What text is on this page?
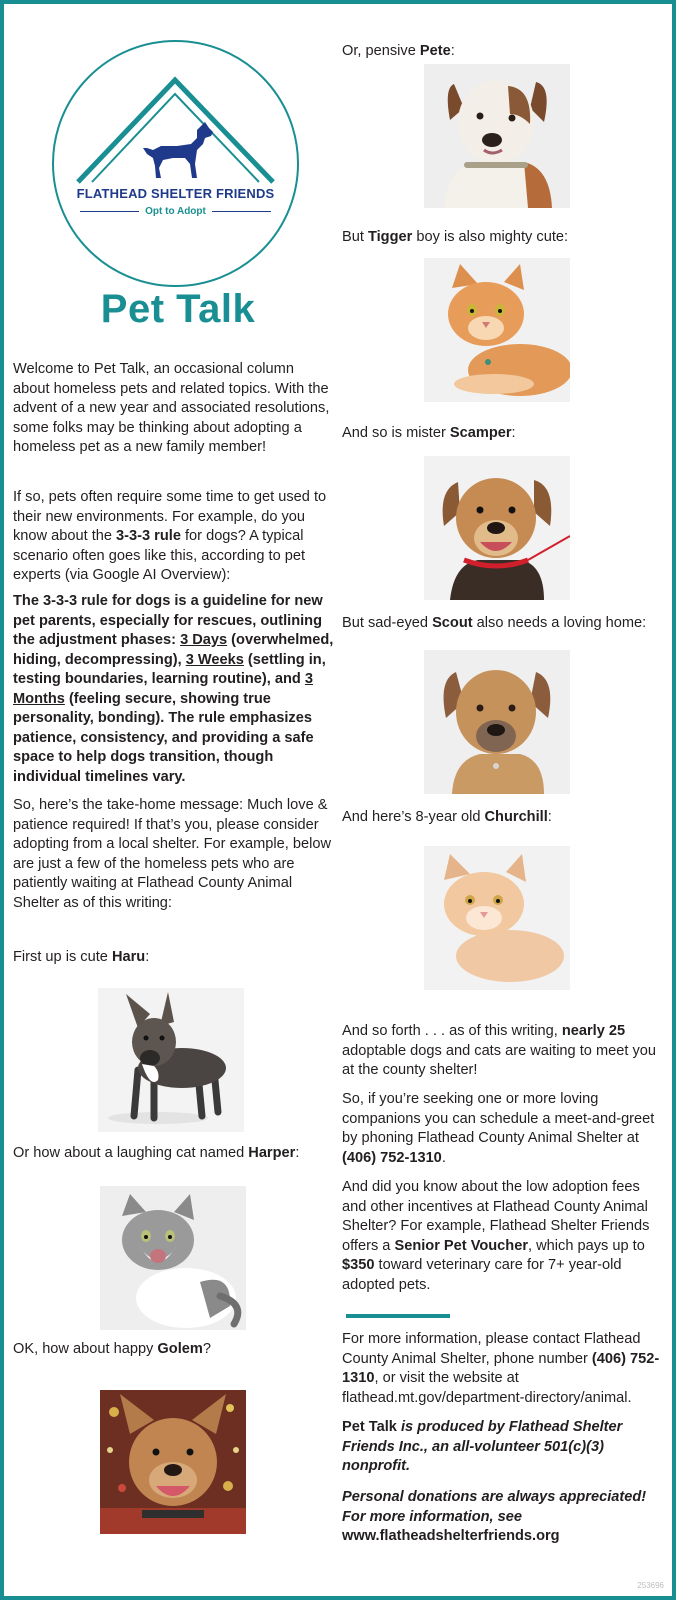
FLATHEAD SHELTER FRIENDS
Opt to Adopt
Pet Talk

Welcome to Pet Talk, an occasional column about homeless pets and related topics. With the advent of a new year and associated resolutions, some folks may be thinking about adopting a homeless pet as a new family member!

If so, pets often require some time to get used to their new environments. For example, do you know about the 3-3-3 rule for dogs? A typical scenario often goes like this, according to pet experts (via Google AI Overview):

The 3-3-3 rule for dogs is a guideline for new pet parents, especially for rescues, outlining the adjustment phases: 3 Days (overwhelmed, hiding, decompressing), 3 Weeks (settling in, testing boundaries, learning routine), and 3 Months (feeling secure, showing true personality, bonding). The rule emphasizes patience, consistency, and providing a safe space to help dogs transition, though individual timelines vary.

So, here’s the take-home message: Much love & patience required! If that’s you, please consider adopting from a local shelter. For example, below are just a few of the homeless pets who are patiently waiting at Flathead County Animal Shelter as of this writing:

First up is cute Haru:

Or how about a laughing cat named Harper:

OK, how about happy Golem?

Or, pensive Pete:

But Tigger boy is also mighty cute:

And so is mister Scamper:

But sad-eyed Scout also needs a loving home:

And here’s 8-year old Churchill:

And so forth . . . as of this writing, nearly 25 adoptable dogs and cats are waiting to meet you at the county shelter!

So, if you’re seeking one or more loving companions you can schedule a meet-and-greet by phoning Flathead County Animal Shelter at (406) 752-1310.

And did you know about the low adoption fees and other incentives at Flathead County Animal Shelter? For example, Flathead Shelter Friends offers a Senior Pet Voucher, which pays up to $350 toward veterinary care for 7+ year-old adopted pets.

For more information, please contact Flathead County Animal Shelter, phone number (406) 752-1310, or visit the website at flathead.mt.gov/department-directory/animal.

Pet Talk is produced by Flathead Shelter Friends Inc., an all-volunteer 501(c)(3) nonprofit.

Personal donations are always appreciated! For more information, see www.flatheadshelterfriends.org

253696
